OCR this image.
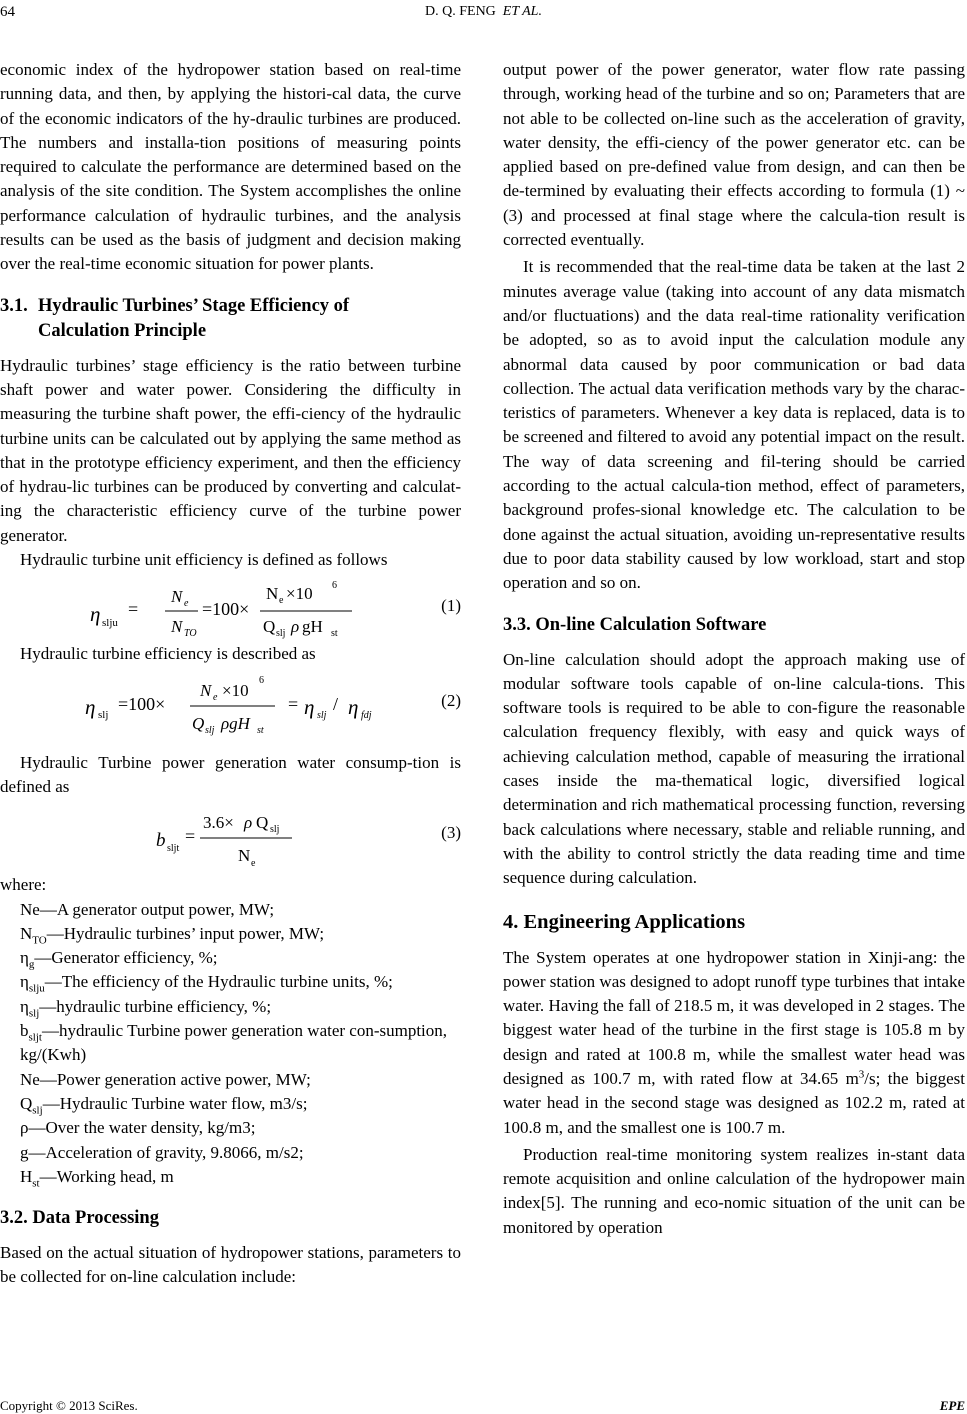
64	D. Q. FENG ET AL.

economic index of the hydropower station based on real-time running data, and then, by applying the histori-cal data, the curve of the economic indicators of the hy-draulic turbines are produced. The numbers and installa-tion positions of measuring points required to calculate the performance are determined based on the analysis of the site condition. The System accomplishes the online performance calculation of hydraulic turbines, and the analysis results can be used as the basis of judgment and decision making over the real-time economic situation for power plants.

3.1. Hydraulic Turbines’ Stage Efficiency of
Calculation Principle

Hydraulic turbines’ stage efficiency is the ratio between turbine shaft power and water power. Considering the difficulty in measuring the turbine shaft power, the effi-ciency of the hydraulic turbine units can be calculated out by applying the same method as that in the prototype efficiency experiment, and then the efficiency of hydrau-lic turbines can be produced by converting and calculat-ing the characteristic efficiency curve of the turbine power generator.

Hydraulic turbine unit efficiency is defined as follows

η slju
=
N e
N TO
=100×
N e ×10 6
Q slj ρ gH st
(1)

Hydraulic turbine efficiency is described as

η slj
=100×
N e ×10
6
Q slj ρgH st
= η slj
/ η fdj
(2)

Hydraulic Turbine power generation water consump-tion is defined as

b sljt
=
3.6× ρ Q slj
N e
(3)

where:

Ne—A generator output power, MW;

$N_{TO}—Hydraulic$ turbines’ input power, MW;

$\eta_g—Generator$ efficiency, %;

$\eta_{slju}—The$ efficiency of the Hydraulic turbine units, %;

$\eta_{slj}—hydraulic$ turbine efficiency, %;

$b_{sljt}—hydraulic$ Turbine power generation water con-sumption, kg/(Kwh)

Ne—Power generation active power, MW;

$Q_{slj}—Hydraulic$ Turbine water flow, m3/s;

ρ—Over the water density, kg/m3;

g—Acceleration of gravity, 9.8066, m/s2;

$H_{st}—Working$ head, m

3.2. Data Processing

Based on the actual situation of hydropower stations, parameters to be collected for on-line calculation include:

output power of the power generator, water flow rate passing through, working head of the turbine and so on; Parameters that are not able to be collected on-line such as the acceleration of gravity, water density, the effi-ciency of the power generator etc. can be applied based on pre-defined value from design, and can then be de-termined by evaluating their effects according to formula (1) ~ (3) and processed at final stage where the calcula-tion result is corrected eventually.

It is recommended that the real-time data be taken at the last 2 minutes average value (taking into account of any data mismatch and/or fluctuations) and the data real-time rationality verification be adopted, so as to avoid input the calculation module any abnormal data caused by poor communication or bad data collection. The actual data verification methods vary by the charac-teristics of parameters. Whenever a key data is replaced, data is to be screened and filtered to avoid any potential impact on the result. The way of data screening and fil-tering should be carried according to the actual calcula-tion method, effect of parameters, background profes-sional knowledge etc. The calculation to be done against the actual situation, avoiding un-representative results due to poor data stability caused by low workload, start and stop operation and so on.

3.3. On-line Calculation Software

On-line calculation should adopt the approach making use of modular software tools capable of on-line calcula-tions. This software tools is required to be able to con-figure the reasonable calculation frequency flexibly, with easy and quick ways of achieving calculation method, capable of measuring the irrational cases inside the ma-thematical logic, diversified logical determination and rich mathematical processing function, reversing back calculations where necessary, stable and reliable running, and with the ability to control strictly the data reading time and time sequence during calculation.

4. Engineering Applications

The System operates at one hydropower station in Xinji-ang: the power station was designed to adopt runoff type turbines that intake water. Having the fall of 218.5 m, it was developed in 2 stages. The biggest water head of the turbine in the first stage is 105.8 m by design and rated at 100.8 m, while the smallest water head was designed as 100.7 m, with rated flow at 34.65 $m^3/s$; the biggest water head in the second stage was designed as 102.2 m, rated at 100.8 m, and the smallest one is 100.7 m.

Production real-time monitoring system realizes in-stant data remote acquisition and online calculation of the hydropower main index[5]. The running and eco-nomic situation of the unit can be monitored by operation

Copyright © 2013 SciRes.	EPE
